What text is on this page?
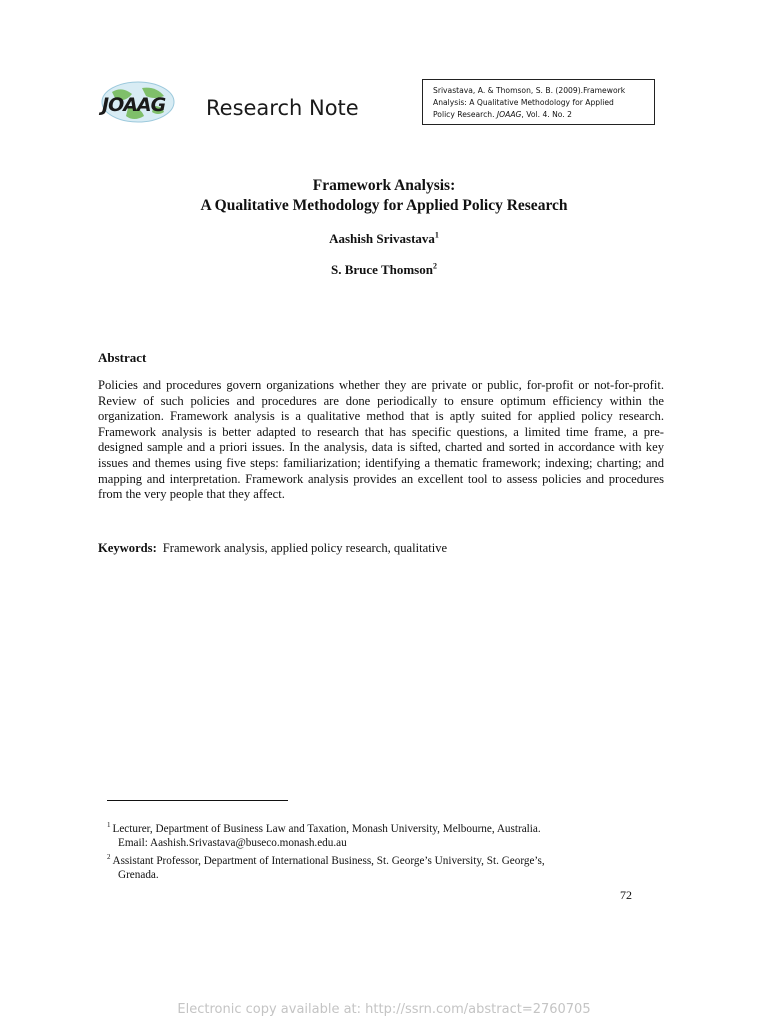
JOAAG Research Note
Srivastava, A. & Thomson, S. B. (2009).Framework
Analysis: A Qualitative Methodology for Applied
Policy Research. JOAAG, Vol. 4. No. 2
Framework Analysis:
A Qualitative Methodology for Applied Policy Research
Aashish Srivastava$^1$
S. Bruce Thomson$^2$
Abstract
Policies and procedures govern organizations whether they are private or public, for-profit or not-for-profit. Review of such policies and procedures are done periodically to ensure optimum efficiency within the organization. Framework analysis is a qualitative method that is aptly suited for applied policy research. Framework analysis is better adapted to research that has specific questions, a limited time frame, a pre-designed sample and a priori issues. In the analysis, data is sifted, charted and sorted in accordance with key issues and themes using five steps: familiarization; identifying a thematic framework; indexing; charting; and mapping and interpretation. Framework analysis provides an excellent tool to assess policies and procedures from the very people that they affect.
Keywords: Framework analysis, applied policy research, qualitative
$^1$ Lecturer, Department of Business Law and Taxation, Monash University, Melbourne, Australia.
Email: Aashish.Srivastava@buseco.monash.edu.au
$^2$ Assistant Professor, Department of International Business, St. George’s University, St. George’s,
Grenada.
72
Electronic copy available at: http://ssrn.com/abstract=2760705
